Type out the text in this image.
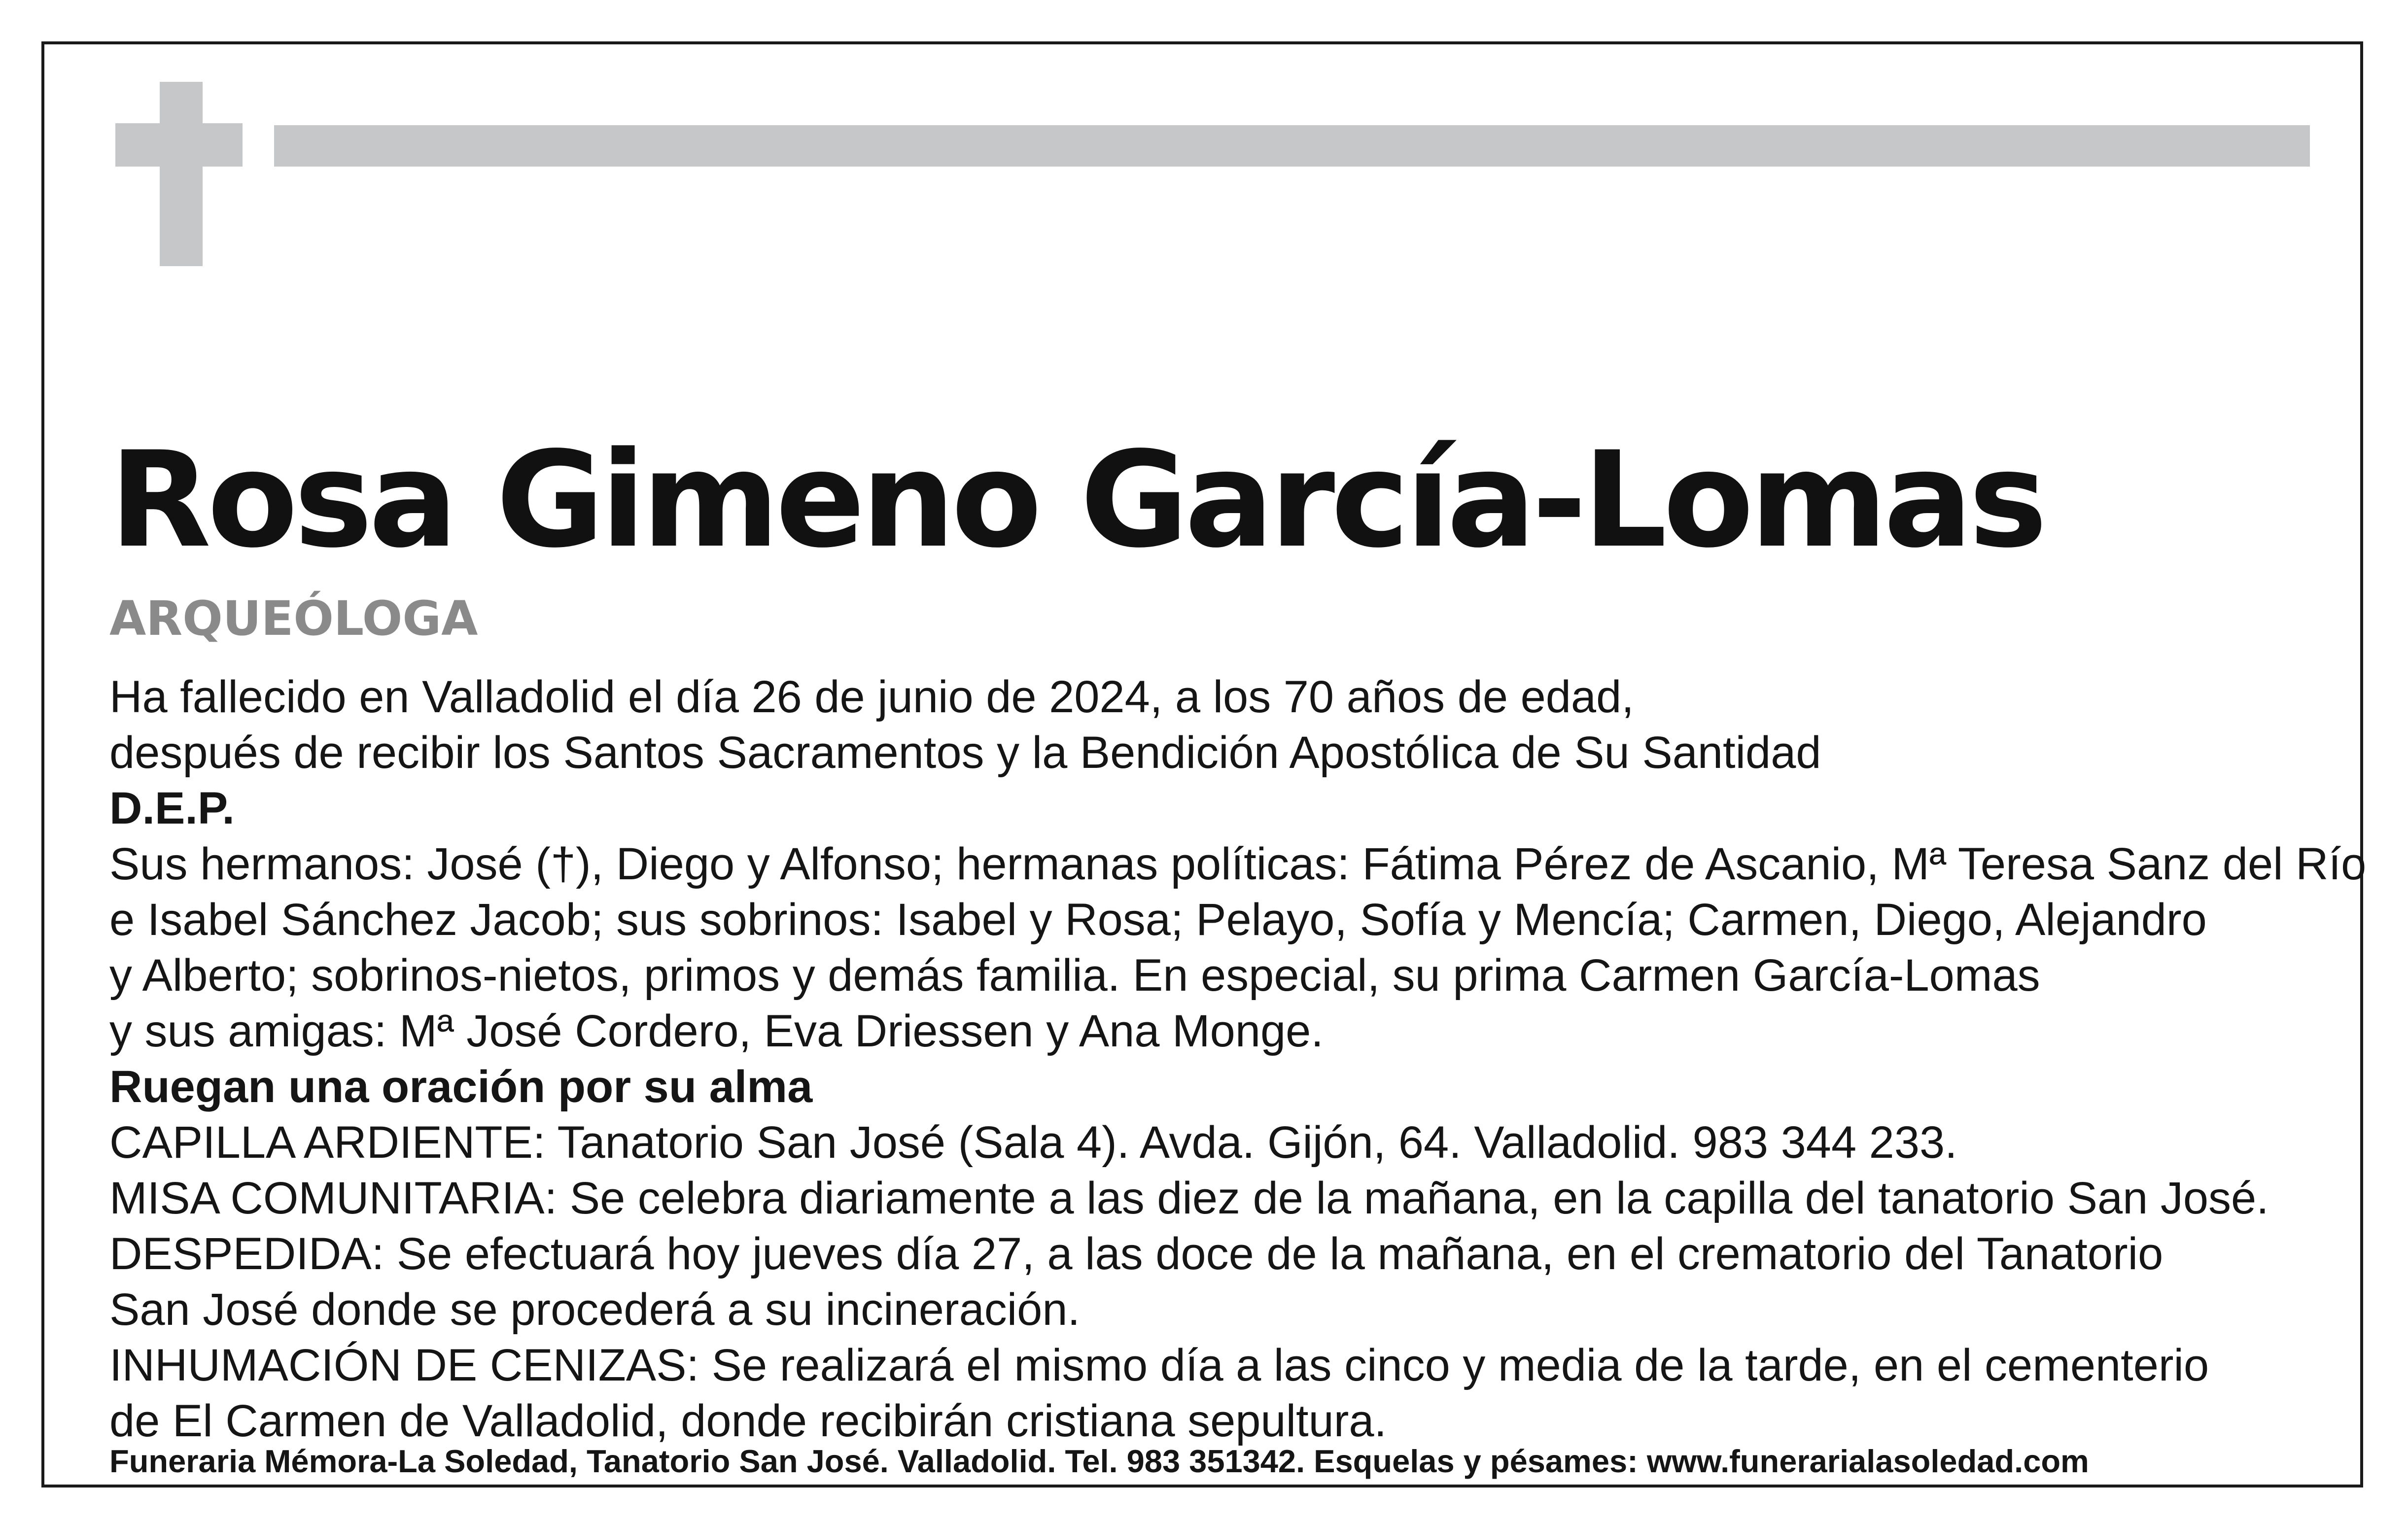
Rosa Gimeno García-Lomas

ARQUEÓLOGA

Ha fallecido en Valladolid el día 26 de junio de 2024, a los 70 años de edad,
después de recibir los Santos Sacramentos y la Bendición Apostólica de Su Santidad
D.E.P.
Sus hermanos: José (†), Diego y Alfonso; hermanas políticas: Fátima Pérez de Ascanio, Mª Teresa Sanz del Río
e Isabel Sánchez Jacob; sus sobrinos: Isabel y Rosa; Pelayo, Sofía y Mencía; Carmen, Diego, Alejandro
y Alberto; sobrinos-nietos, primos y demás familia. En especial, su prima Carmen García-Lomas
y sus amigas: Mª José Cordero, Eva Driessen y Ana Monge.
Ruegan una oración por su alma
CAPILLA ARDIENTE: Tanatorio San José (Sala 4). Avda. Gijón, 64. Valladolid. 983 344 233.
MISA COMUNITARIA: Se celebra diariamente a las diez de la mañana, en la capilla del tanatorio San José.
DESPEDIDA: Se efectuará hoy jueves día 27, a las doce de la mañana, en el crematorio del Tanatorio
San José donde se procederá a su incineración.
INHUMACIÓN DE CENIZAS: Se realizará el mismo día a las cinco y media de la tarde, en el cementerio
de El Carmen de Valladolid, donde recibirán cristiana sepultura.

Funeraria Mémora-La Soledad, Tanatorio San José. Valladolid. Tel. 983 351342. Esquelas y pésames: www.funerarialasoledad.com
